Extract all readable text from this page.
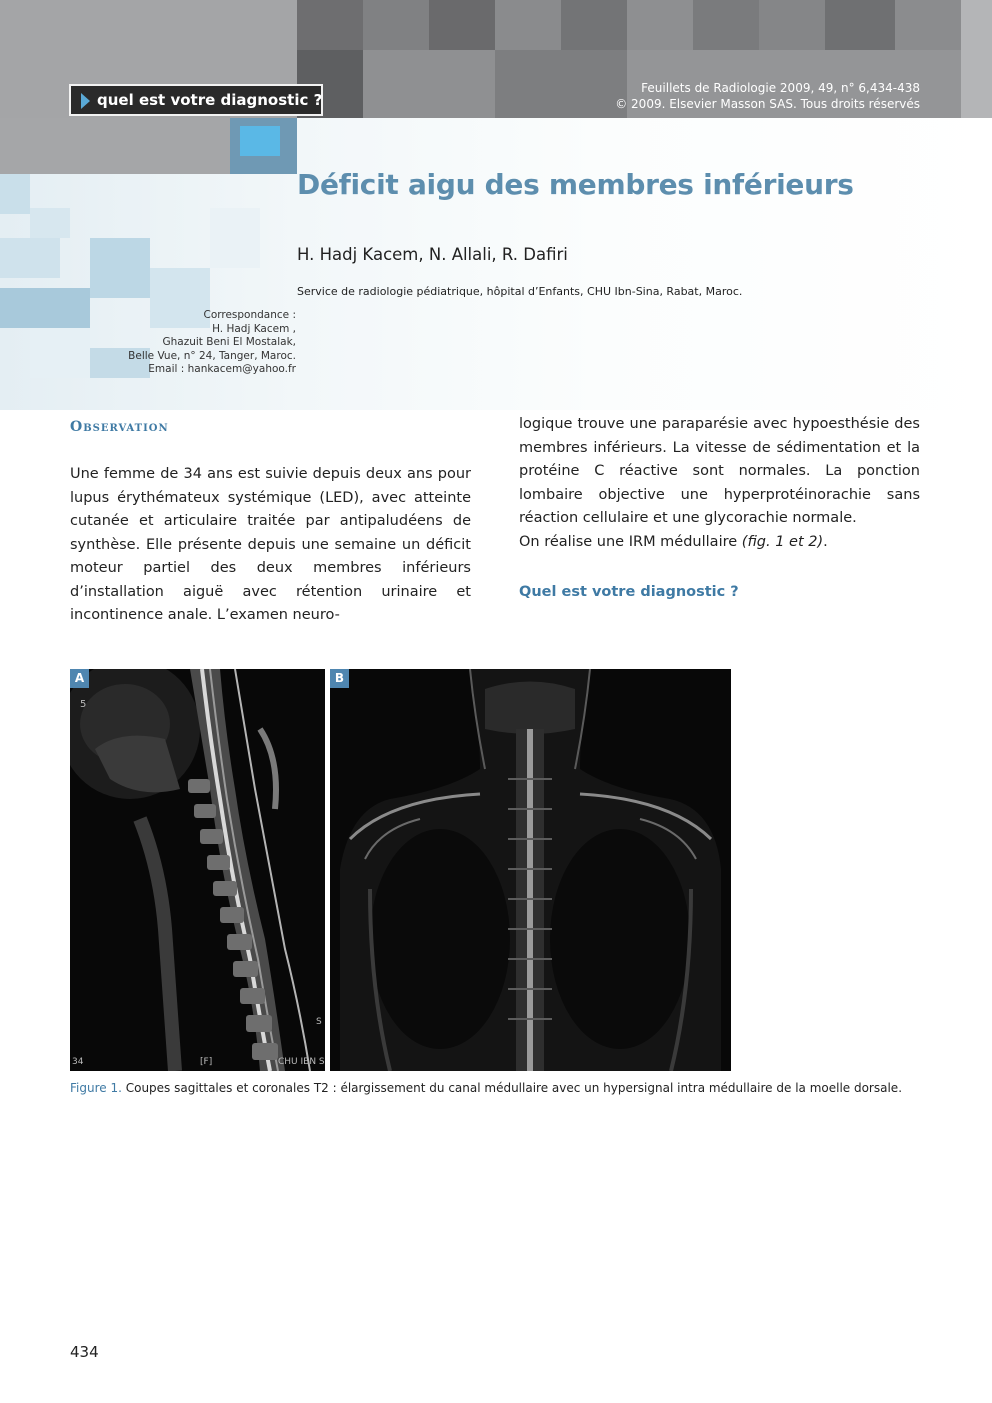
quel est votre diagnostic ?
Feuillets de Radiologie 2009, 49, n° 6,434-438
© 2009. Elsevier Masson SAS. Tous droits réservés
Déficit aigu des membres inférieurs
H. Hadj Kacem, N. Allali, R. Dafiri
Service de radiologie pédiatrique, hôpital d’Enfants, CHU Ibn-Sina, Rabat, Maroc.
Correspondance :
H. Hadj Kacem ,
Ghazuit Beni El Mostalak,
Belle Vue, n° 24, Tanger, Maroc.
Email : hankacem@yahoo.fr
Observation

Une femme de 34 ans est suivie depuis deux ans pour lupus érythémateux systémique (LED), avec atteinte cutanée et articulaire traitée par antipaludéens de synthèse. Elle présente depuis une semaine un déficit moteur partiel des deux membres inférieurs d’installation aiguë avec rétention urinaire et incontinence anale. L’examen neuro-

logique trouve une paraparésie avec hypoesthésie des membres inférieurs. La vitesse de sédimentation et la protéine C réactive sont normales. La ponction lombaire objective une hyperprotéinorachie sans réaction cellulaire et une glycorachie normale.

On réalise une IRM médullaire (fig. 1 et 2).

Quel est votre diagnostic ?
5
34	[F]	CHU IBN S
S
A	B
Figure 1. Coupes sagittales et coronales T2 : élargissement du canal médullaire avec un hypersignal intra médullaire de la moelle dorsale.
434
